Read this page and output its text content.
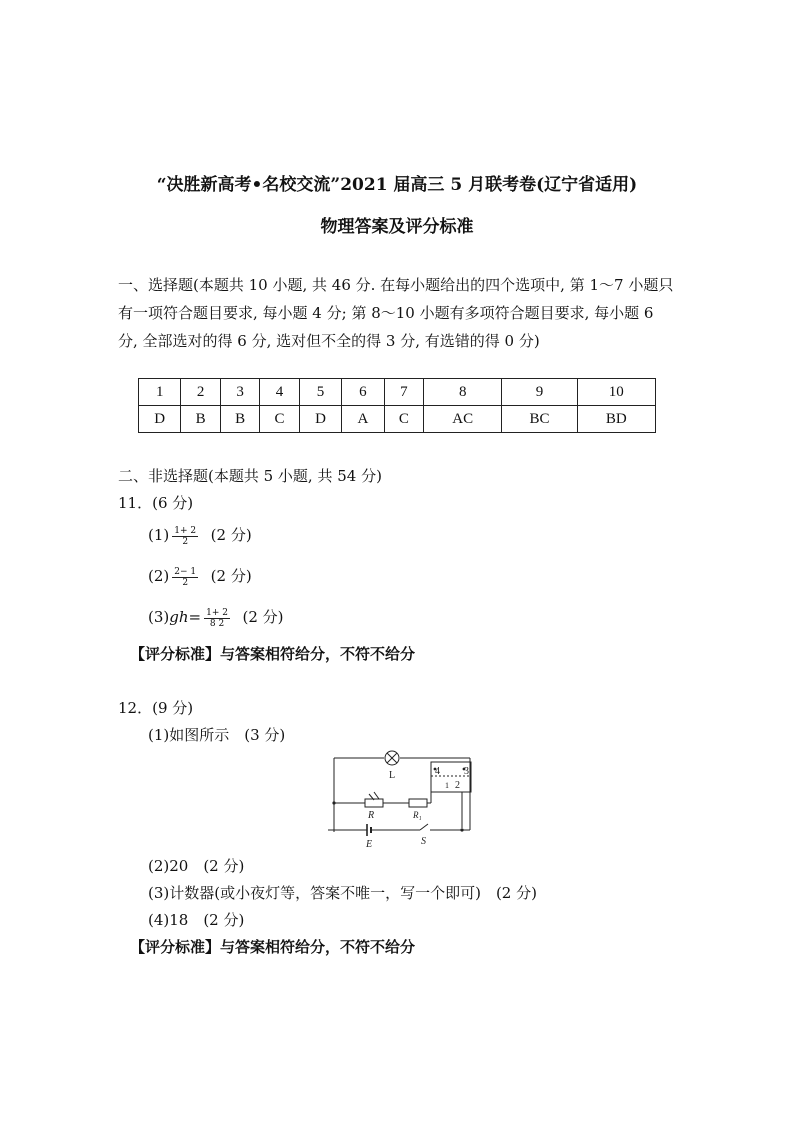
“决胜新高考•名校交流”2021 届高三 5 月联考卷(辽宁省适用)
物理答案及评分标准
一、选择题(本题共 10 小题, 共 46 分. 在每小题给出的四个选项中, 第 1～7 小题只
有一项符合题目要求, 每小题 4 分; 第 8～10 小题有多项符合题目要求, 每小题 6
分, 全部选对的得 6 分, 选对但不全的得 3 分, 有选错的得 0 分)
1	2	3	4	5	6	7	8	9	10
D	B	B	C	D	A	C	AC	BC	BD
二、非选择题(本题共 5 小题, 共 54 分)
11．(6 分)
$(1) \frac{1+ 2}{2} (2$ 分)
$(2) \frac{2- 1}{2} (2$ 分)
$(3)gh= \frac{1+ 2}{8 2} (2$ 分)
【评分标准】与答案相符给分，不符不给分
12．(9 分)
(1)如图所示　(3 分)
L	4 3
1 2
R	R₁
E	S
(2)20　(2 分)
(3)计数器(或小夜灯等，答案不唯一，写一个即可)　(2 分)
(4)18　(2 分)
【评分标准】与答案相符给分，不符不给分
